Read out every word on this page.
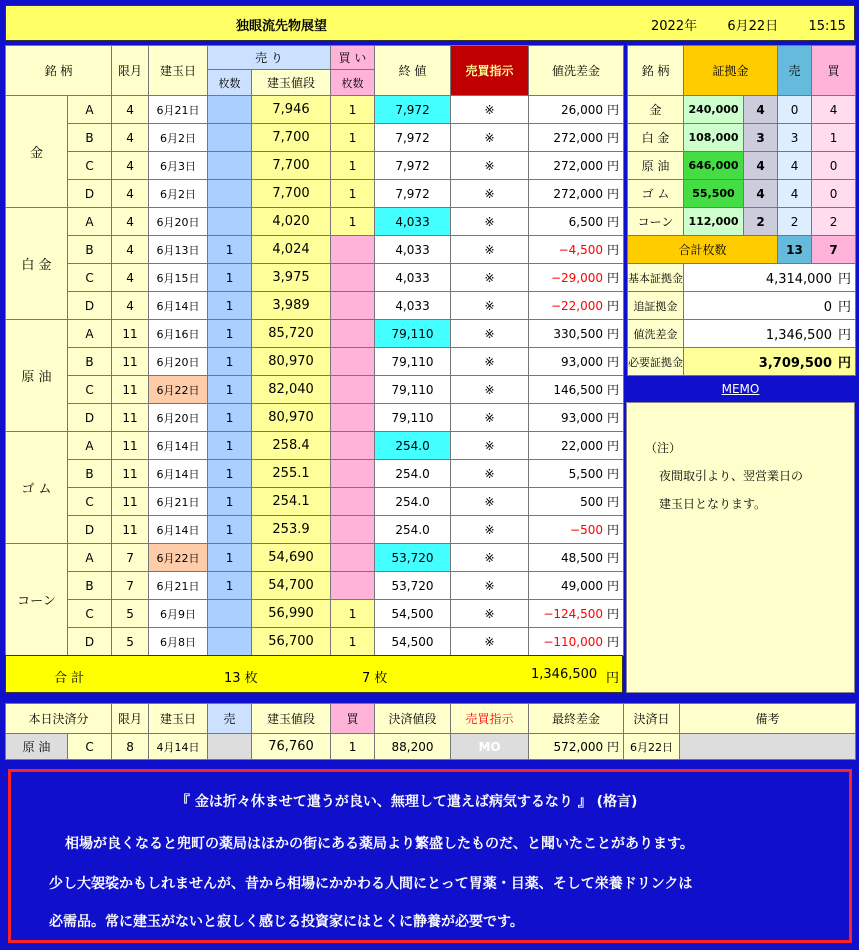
独眼流先物展望	2022年 6月22日 15:15
銘 柄		限月	建玉日	売 り		買 い	終 値	売買指示	値洗差金
				枚数	建玉値段	枚数			
金	A	4	6月21日		7,946	1	7,972	※	26,000 円
	B	4	6月2日		7,700	1	7,972	※	272,000 円
	C	4	6月3日		7,700	1	7,972	※	272,000 円
	D	4	6月2日		7,700	1	7,972	※	272,000 円
白 金	A	4	6月20日		4,020	1	4,033	※	6,500 円
	B	4	6月13日	1	4,024		4,033	※	−4,500 円
	C	4	6月15日	1	3,975		4,033	※	−29,000 円
	D	4	6月14日	1	3,989		4,033	※	−22,000 円
原 油	A	11	6月16日	1	85,720		79,110	※	330,500 円
	B	11	6月20日	1	80,970		79,110	※	93,000 円
	C	11	6月22日	1	82,040		79,110	※	146,500 円
	D	11	6月20日	1	80,970		79,110	※	93,000 円
ゴ ム	A	11	6月14日	1	258.4		254.0	※	22,000 円
	B	11	6月14日	1	255.1		254.0	※	5,500 円
	C	11	6月21日	1	254.1		254.0	※	500 円
	D	11	6月14日	1	253.9		254.0	※	−500 円
コーン	A	7	6月22日	1	54,690		53,720	※	48,500 円
	B	7	6月21日	1	54,700		53,720	※	49,000 円
	C	5	6月9日		56,990	1	54,500	※	−124,500 円
	D	5	6月8日		56,700	1	54,500	※	−110,000 円
合 計	13 枚	7 枚	1,346,500 円
銘 柄	証拠金		売	買
金	240,000	4	0	4
白 金	108,000	3	3	1
原 油	646,000	4	4	0
ゴ ム	55,500	4	4	0
コーン	112,000	2	2	2
合計枚数			13	7
基本証拠金	4,314,000 円			
追証拠金	0 円			
値洗差金	1,346,500 円			
必要証拠金	3,709,500 円			
MEMO

（注）

夜間取引より、翌営業日の

建玉日となります。

本日決済分		限月	建玉日	売	建玉値段	買	決済値段	売買指示	最終差金	決済日	備考
原 油	C	8	4月14日		76,760	1	88,200	MO	572,000 円	6月22日	

『 金は折々休ませて遣うが良い、無理して遣えば病気するなり 』 (格言)

相場が良くなると兜町の薬局はほかの街にある薬局より繁盛したものだ、と聞いたことがあります。

少し大袈裟かもしれませんが、昔から相場にかかわる人間にとって胃薬・目薬、そして栄養ドリンクは

必需品。常に建玉がないと寂しく感じる投資家にはとくに静養が必要です。
